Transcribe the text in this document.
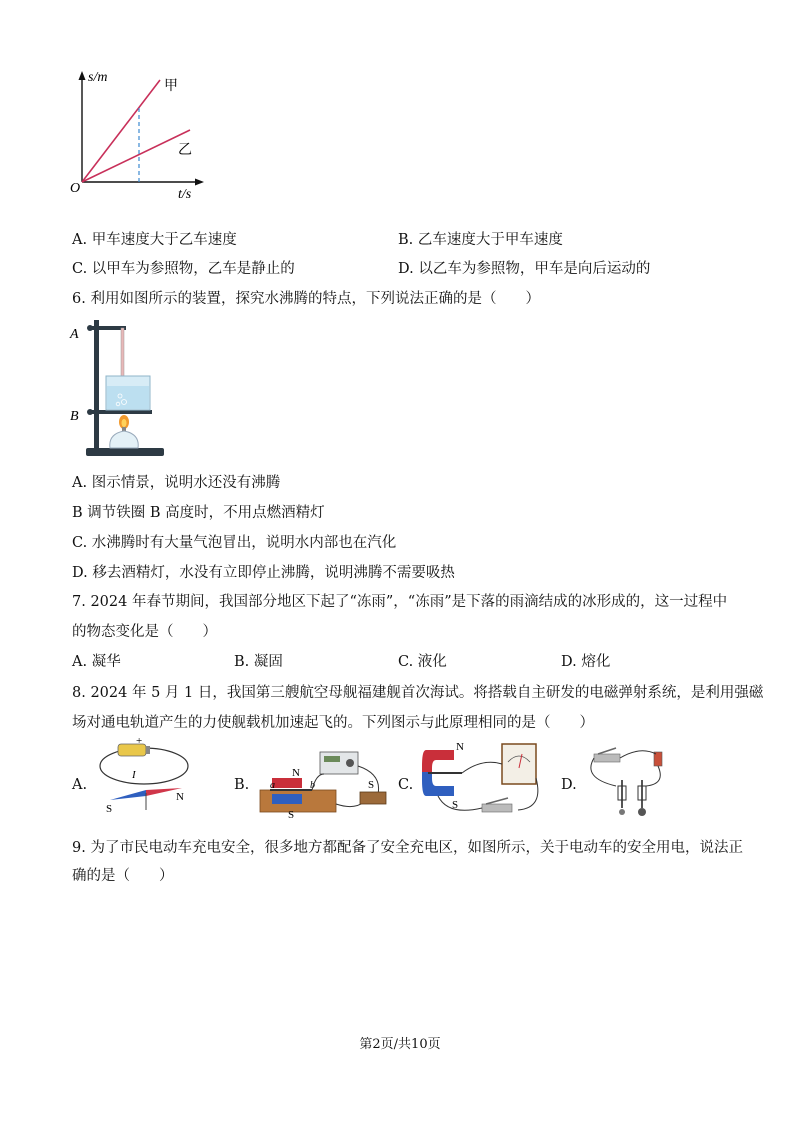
s/m
t/s
O
甲
乙
A. 甲车速度大于乙车速度	B. 乙车速度大于甲车速度
C. 以甲车为参照物，乙车是静止的	D. 以乙车为参照物，甲车是向后运动的
6. 利用如图所示的装置，探究水沸腾的特点，下列说法正确的是（　　）
A
B
A. 图示情景，说明水还没有沸腾
B 调节铁圈 B 高度时，不用点燃酒精灯
C. 水沸腾时有大量气泡冒出，说明水内部也在汽化
D. 移去酒精灯，水没有立即停止沸腾，说明沸腾不需要吸热
7. 2024 年春节期间，我国部分地区下起了“冻雨”，“冻雨”是下落的雨滴结成的冰形成的，这一过程中
的物态变化是（　　）
A. 凝华	B. 凝固	C. 液化	D. 熔化
8. 2024 年 5 月 1 日，我国第三艘航空母舰福建舰首次海试。将搭载自主研发的电磁弹射系统，是利用强磁
场对通电轨道产生的力使舰载机加速起飞的。下列图示与此原理相同的是（　　）
A.
+
I
S
N
B.
N
S
a	b	S C.
N
S
D.
9. 为了市民电动车充电安全，很多地方都配备了安全充电区，如图所示，关于电动车的安全用电，说法正
确的是（　　）
第2页/共10页
